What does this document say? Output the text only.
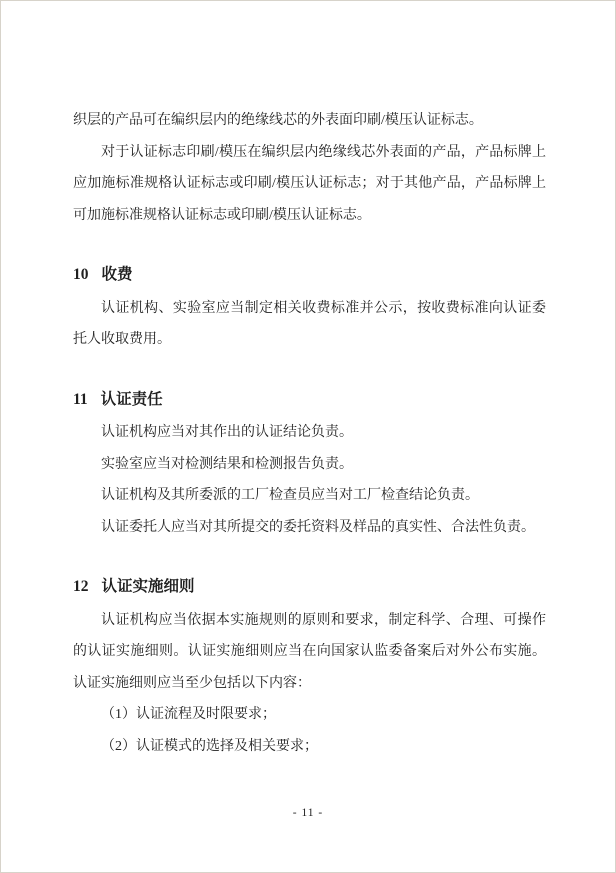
织层的产品可在编织层内的绝缘线芯的外表面印刷/模压认证标志。

对于认证标志印刷/模压在编织层内绝缘线芯外表面的产品，产品标牌上应加施标准规格认证标志或印刷/模压认证标志；对于其他产品，产品标牌上可加施标准规格认证标志或印刷/模压认证标志。

10 收费

认证机构、实验室应当制定相关收费标准并公示，按收费标准向认证委托人收取费用。

11 认证责任

认证机构应当对其作出的认证结论负责。

实验室应当对检测结果和检测报告负责。

认证机构及其所委派的工厂检查员应当对工厂检查结论负责。

认证委托人应当对其所提交的委托资料及样品的真实性、合法性负责。

12 认证实施细则

认证机构应当依据本实施规则的原则和要求，制定科学、合理、可操作的认证实施细则。认证实施细则应当在向国家认监委备案后对外公布实施。认证实施细则应当至少包括以下内容：

（1）认证流程及时限要求；

（2）认证模式的选择及相关要求；

- 11 -
